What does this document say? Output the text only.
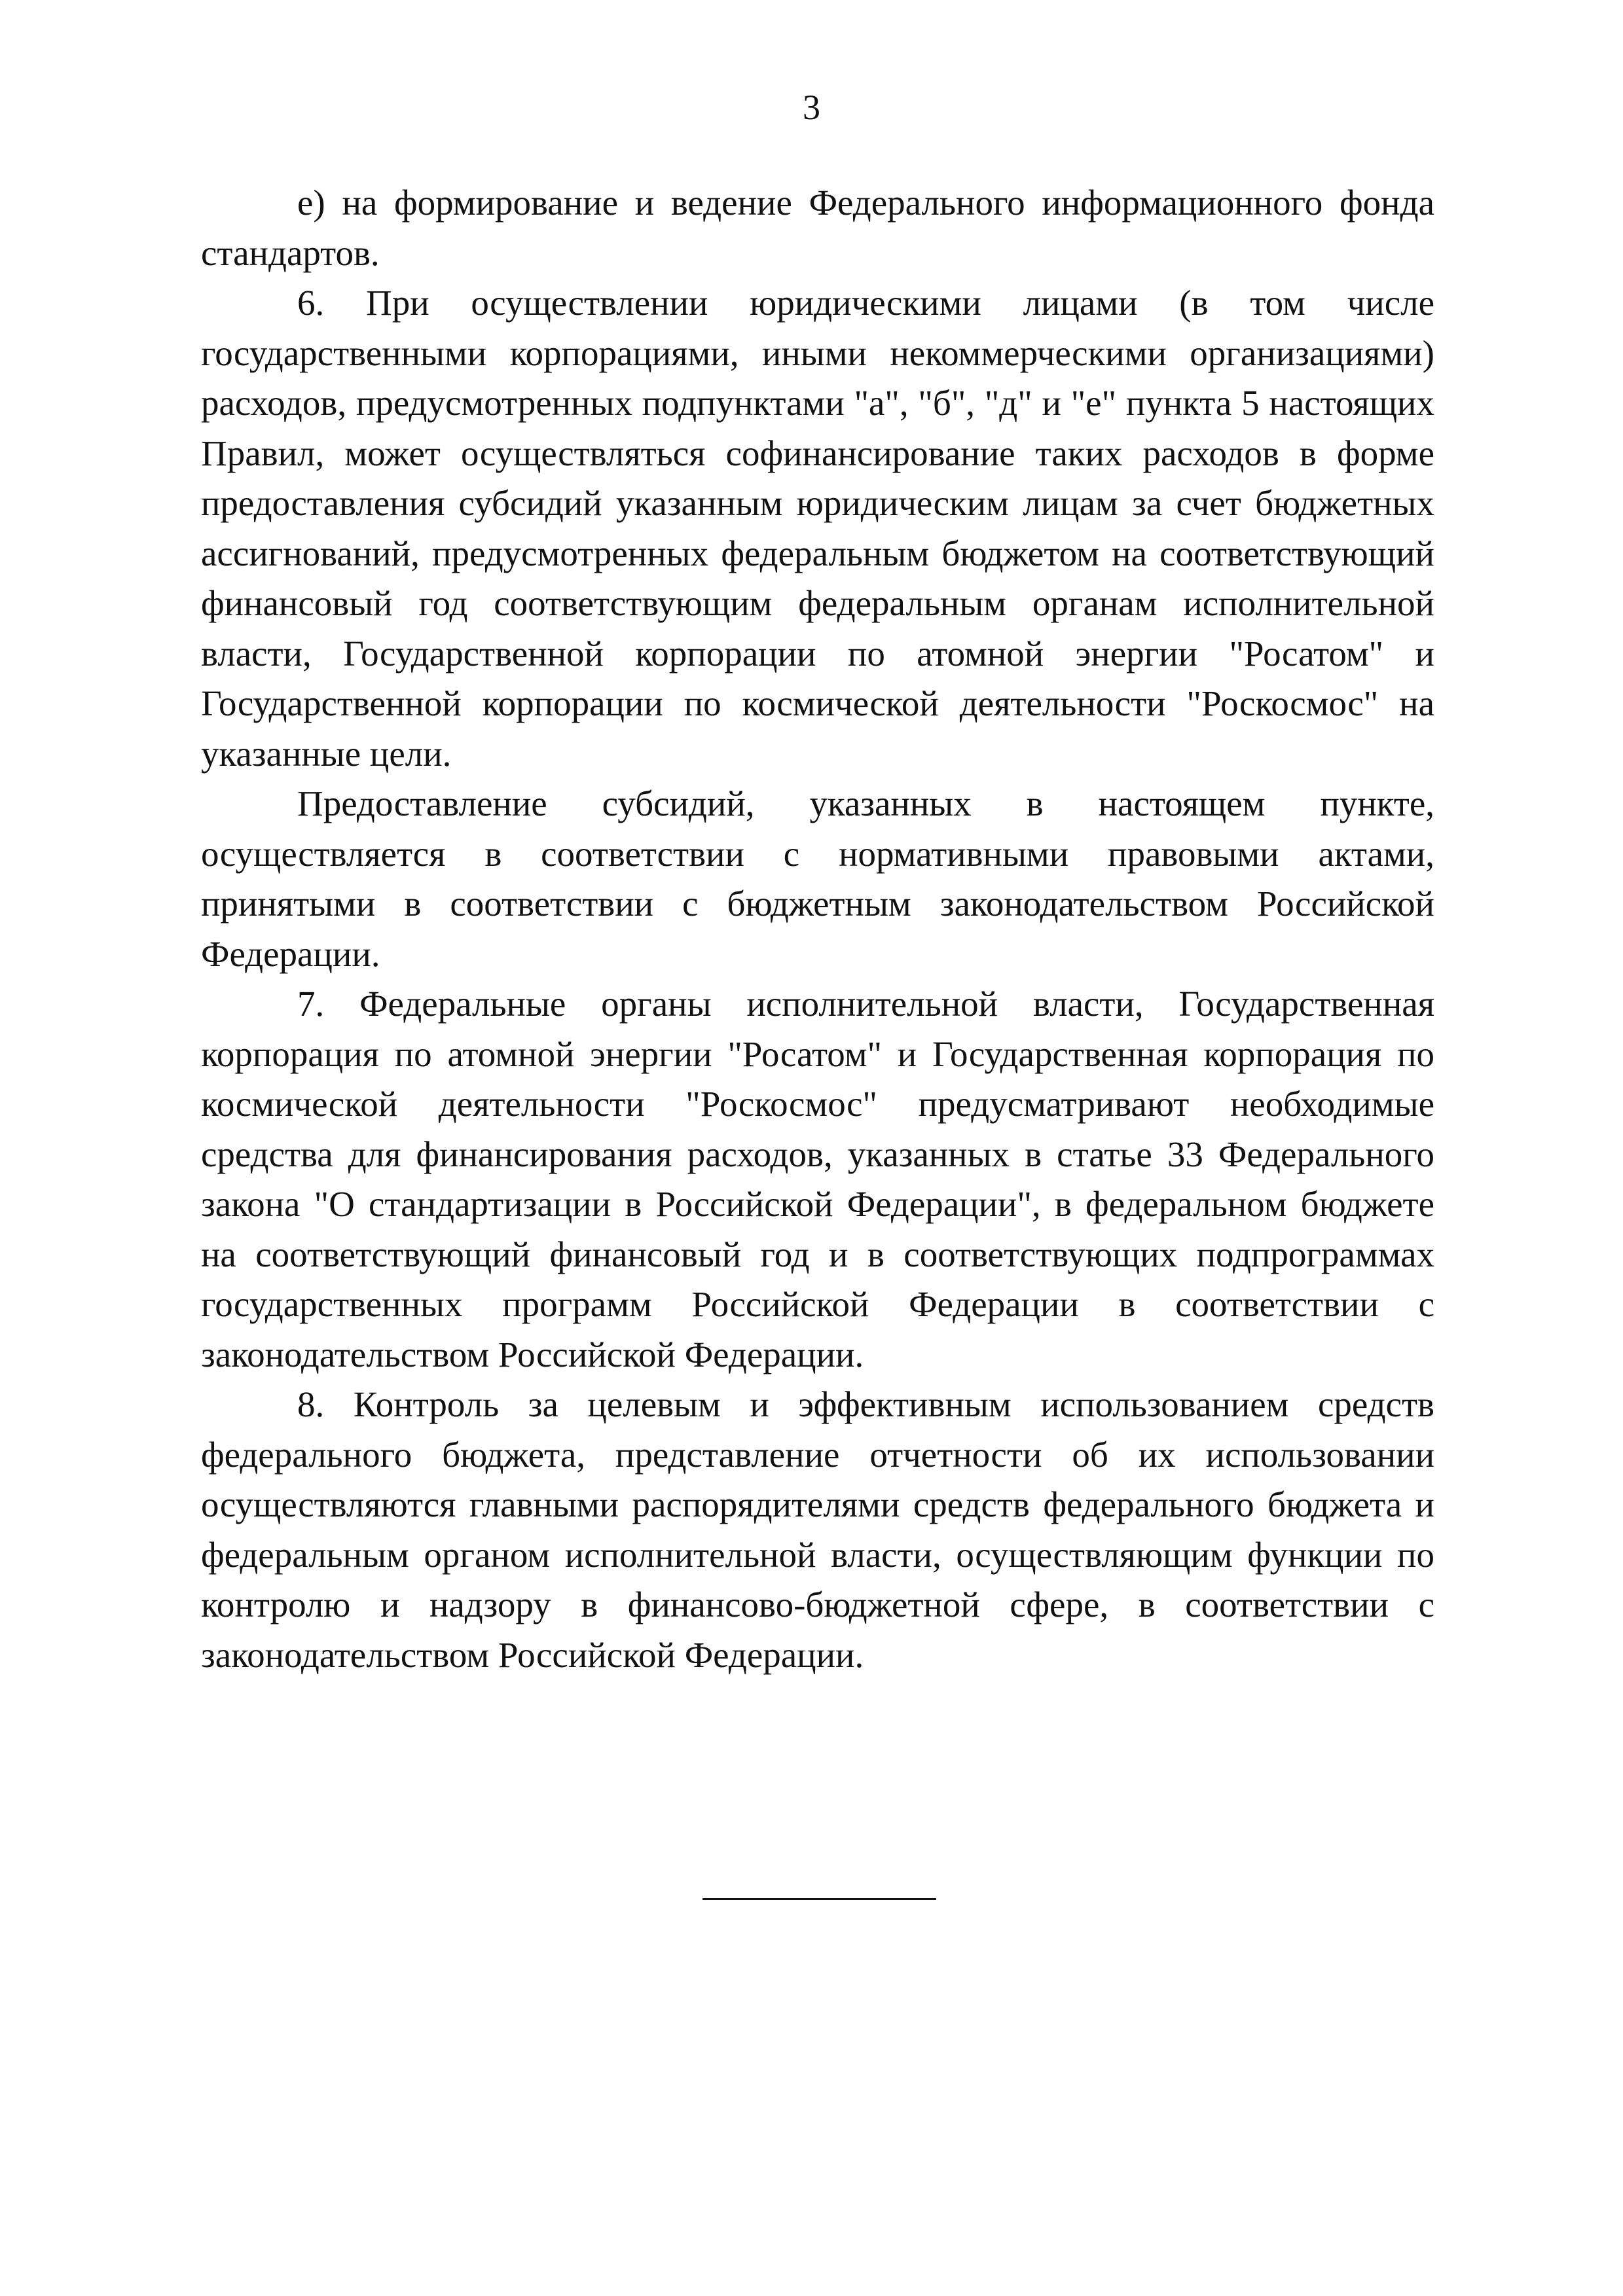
3

е) на формирование и ведение Федерального информационного фонда стандартов.

6. При осуществлении юридическими лицами (в том числе государственными корпорациями, иными некоммерческими организациями) расходов, предусмотренных подпунктами "а", "б", "д" и "е" пункта 5 настоящих Правил, может осуществляться софинансирование таких расходов в форме предоставления субсидий указанным юридическим лицам за счет бюджетных ассигнований, предусмотренных федеральным бюджетом на соответствующий финансовый год соответствующим федеральным органам исполнительной власти, Государственной корпорации по атомной энергии "Росатом" и Государственной корпорации по космической деятельности "Роскосмос" на указанные цели.

Предоставление субсидий, указанных в настоящем пункте, осуществляется в соответствии с нормативными правовыми актами, принятыми в соответствии с бюджетным законодательством Российской Федерации.

7. Федеральные органы исполнительной власти, Государственная корпорация по атомной энергии "Росатом" и Государственная корпорация по космической деятельности "Роскосмос" предусматривают необходимые средства для финансирования расходов, указанных в статье 33 Федерального закона "О стандартизации в Российской Федерации", в федеральном бюджете на соответствующий финансовый год и в соответствующих подпрограммах государственных программ Российской Федерации в соответствии с законодательством Российской Федерации.

8. Контроль за целевым и эффективным использованием средств федерального бюджета, представление отчетности об их использовании осуществляются главными распорядителями средств федерального бюджета и федеральным органом исполнительной власти, осуществляющим функции по контролю и надзору в финансово-бюджетной сфере, в соответствии с законодательством Российской Федерации.
